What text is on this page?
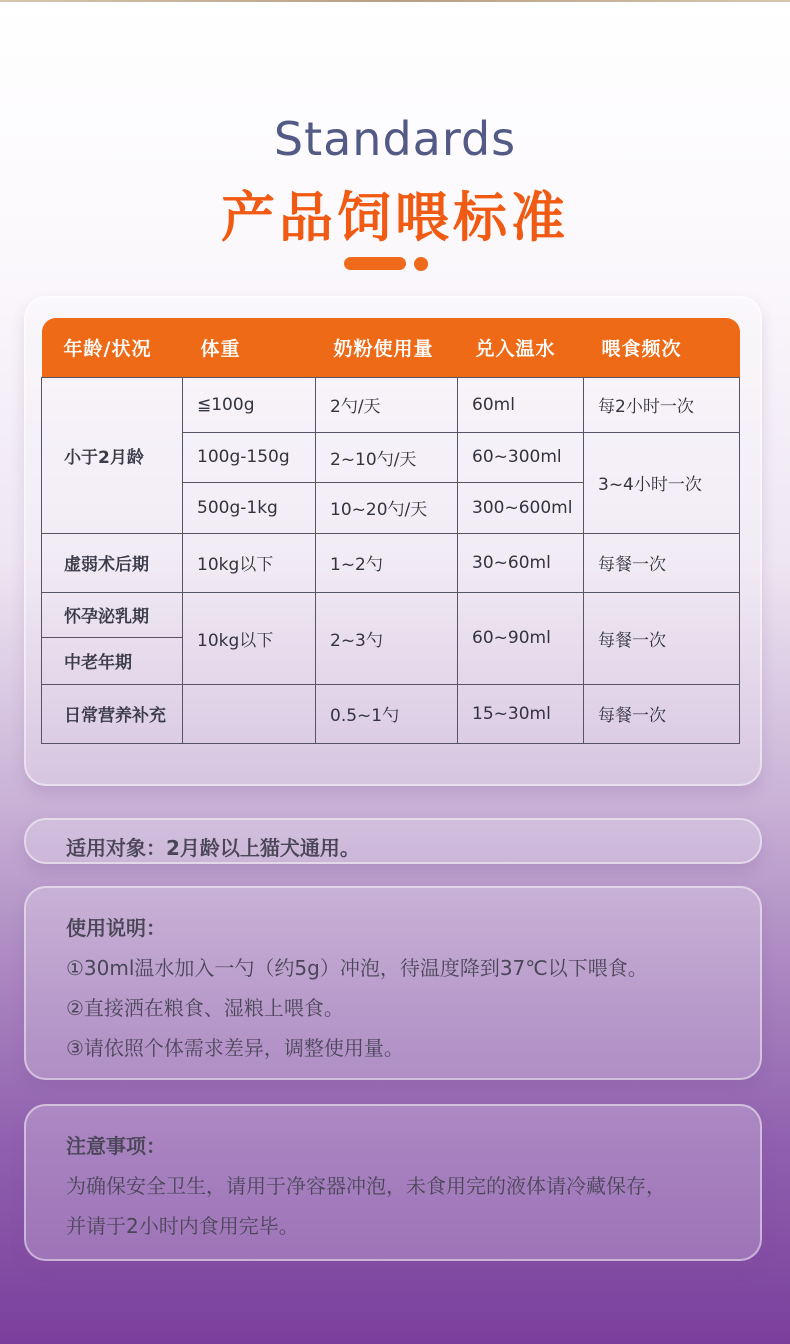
Standards
产品饲喂标准
年龄/状况	体重	奶粉使用量	兑入温水	喂食频次
小于2月龄	≦100g	2勺/天	60ml	每2小时一次
	100g-150g	2~10勺/天	60~300ml	3~4小时一次
	500g-1kg	10~20勺/天	300~600ml	
虚弱术后期	10kg以下	1~2勺	30~60ml	每餐一次
怀孕泌乳期	10kg以下	2~3勺	60~90ml	每餐一次
中老年期				
日常营养补充		0.5~1勺	15~30ml	每餐一次
适用对象：2月龄以上猫犬通用。
使用说明：
①30ml温水加入一勺（约5g）冲泡，待温度降到37℃以下喂食。
②直接洒在粮食、湿粮上喂食。
③请依照个体需求差异，调整使用量。
注意事项：
为确保安全卫生，请用于净容器冲泡，未食用完的液体请冷藏保存，
并请于2小时内食用完毕。
